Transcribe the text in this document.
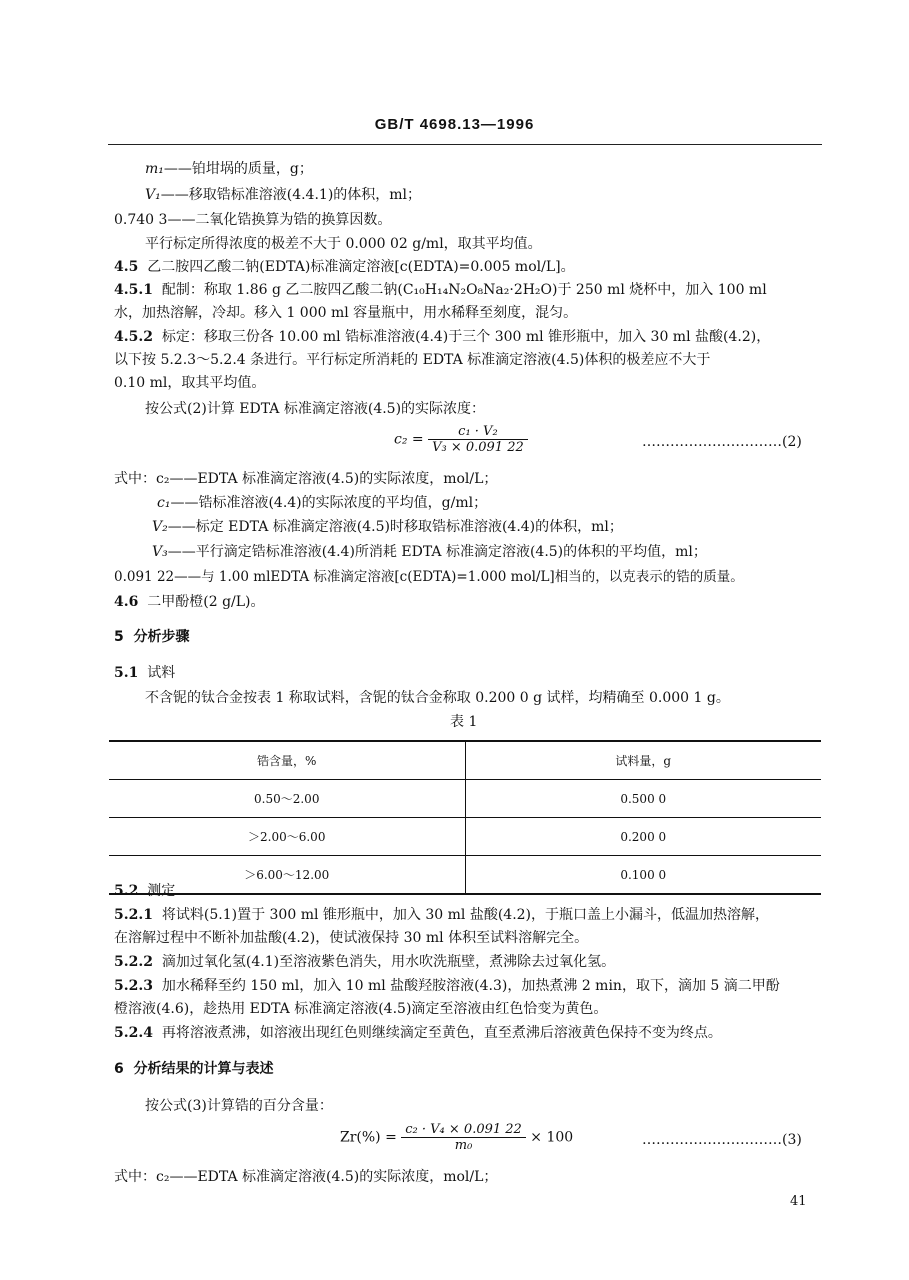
GB/T 4698.13—1996
m₁——铂坩埚的质量，g；
V₁——移取锆标准溶液(4.4.1)的体积，ml；
0.740 3——二氧化锆换算为锆的换算因数。
平行标定所得浓度的极差不大于 0.000 02 g/ml，取其平均值。
4.5 乙二胺四乙酸二钠(EDTA)标准滴定溶液[c(EDTA)=0.005 mol/L]。
4.5.1 配制：称取 1.86 g 乙二胺四乙酸二钠(C₁₀H₁₄N₂O₈Na₂·2H₂O)于 250 ml 烧杯中，加入 100 ml
水，加热溶解，冷却。移入 1 000 ml 容量瓶中，用水稀释至刻度，混匀。
4.5.2 标定：移取三份各 10.00 ml 锆标准溶液(4.4)于三个 300 ml 锥形瓶中，加入 30 ml 盐酸(4.2)，
以下按 5.2.3～5.2.4 条进行。平行标定所消耗的 EDTA 标准滴定溶液(4.5)体积的极差应不大于
0.10 ml，取其平均值。
按公式(2)计算 EDTA 标准滴定溶液(4.5)的实际浓度：
$c_2 = \frac{\text{c₁ · V₂}}{\text{V₃ × 0.091 22}}$	…………………………(2)
式中：c₂——EDTA 标准滴定溶液(4.5)的实际浓度，mol/L；
c₁——锆标准溶液(4.4)的实际浓度的平均值，g/ml；
V₂——标定 EDTA 标准滴定溶液(4.5)时移取锆标准溶液(4.4)的体积，ml；
V₃——平行滴定锆标准溶液(4.4)所消耗 EDTA 标准滴定溶液(4.5)的体积的平均值，ml；
0.091 22——与 1.00 mlEDTA 标准滴定溶液[c(EDTA)=1.000 mol/L]相当的，以克表示的锆的质量。
4.6 二甲酚橙(2 g/L)。
5 分析步骤
5.1 试料
不含铌的钛合金按表 1 称取试料，含铌的钛合金称取 0.200 0 g 试样，均精确至 0.000 1 g。
表 1
锆含量，%	试料量，g
0.50～2.00	0.500 0
＞2.00～6.00	0.200 0
＞6.00～12.00	0.100 0
5.2 测定
5.2.1 将试料(5.1)置于 300 ml 锥形瓶中，加入 30 ml 盐酸(4.2)，于瓶口盖上小漏斗，低温加热溶解，
在溶解过程中不断补加盐酸(4.2)，使试液保持 30 ml 体积至试料溶解完全。
5.2.2 滴加过氧化氢(4.1)至溶液紫色消失，用水吹洗瓶壁，煮沸除去过氧化氢。
5.2.3 加水稀释至约 150 ml，加入 10 ml 盐酸羟胺溶液(4.3)，加热煮沸 2 min，取下，滴加 5 滴二甲酚
橙溶液(4.6)，趁热用 EDTA 标准滴定溶液(4.5)滴定至溶液由红色恰变为黄色。
5.2.4 再将溶液煮沸，如溶液出现红色则继续滴定至黄色，直至煮沸后溶液黄色保持不变为终点。
6 分析结果的计算与表述
按公式(3)计算锆的百分含量：
$Zr(\%) = \frac{\text{c₂ · V₄ × 0.091 22}}{\text{m₀}} \times 100$	…………………………(3)
式中：c₂——EDTA 标准滴定溶液(4.5)的实际浓度，mol/L；
41
